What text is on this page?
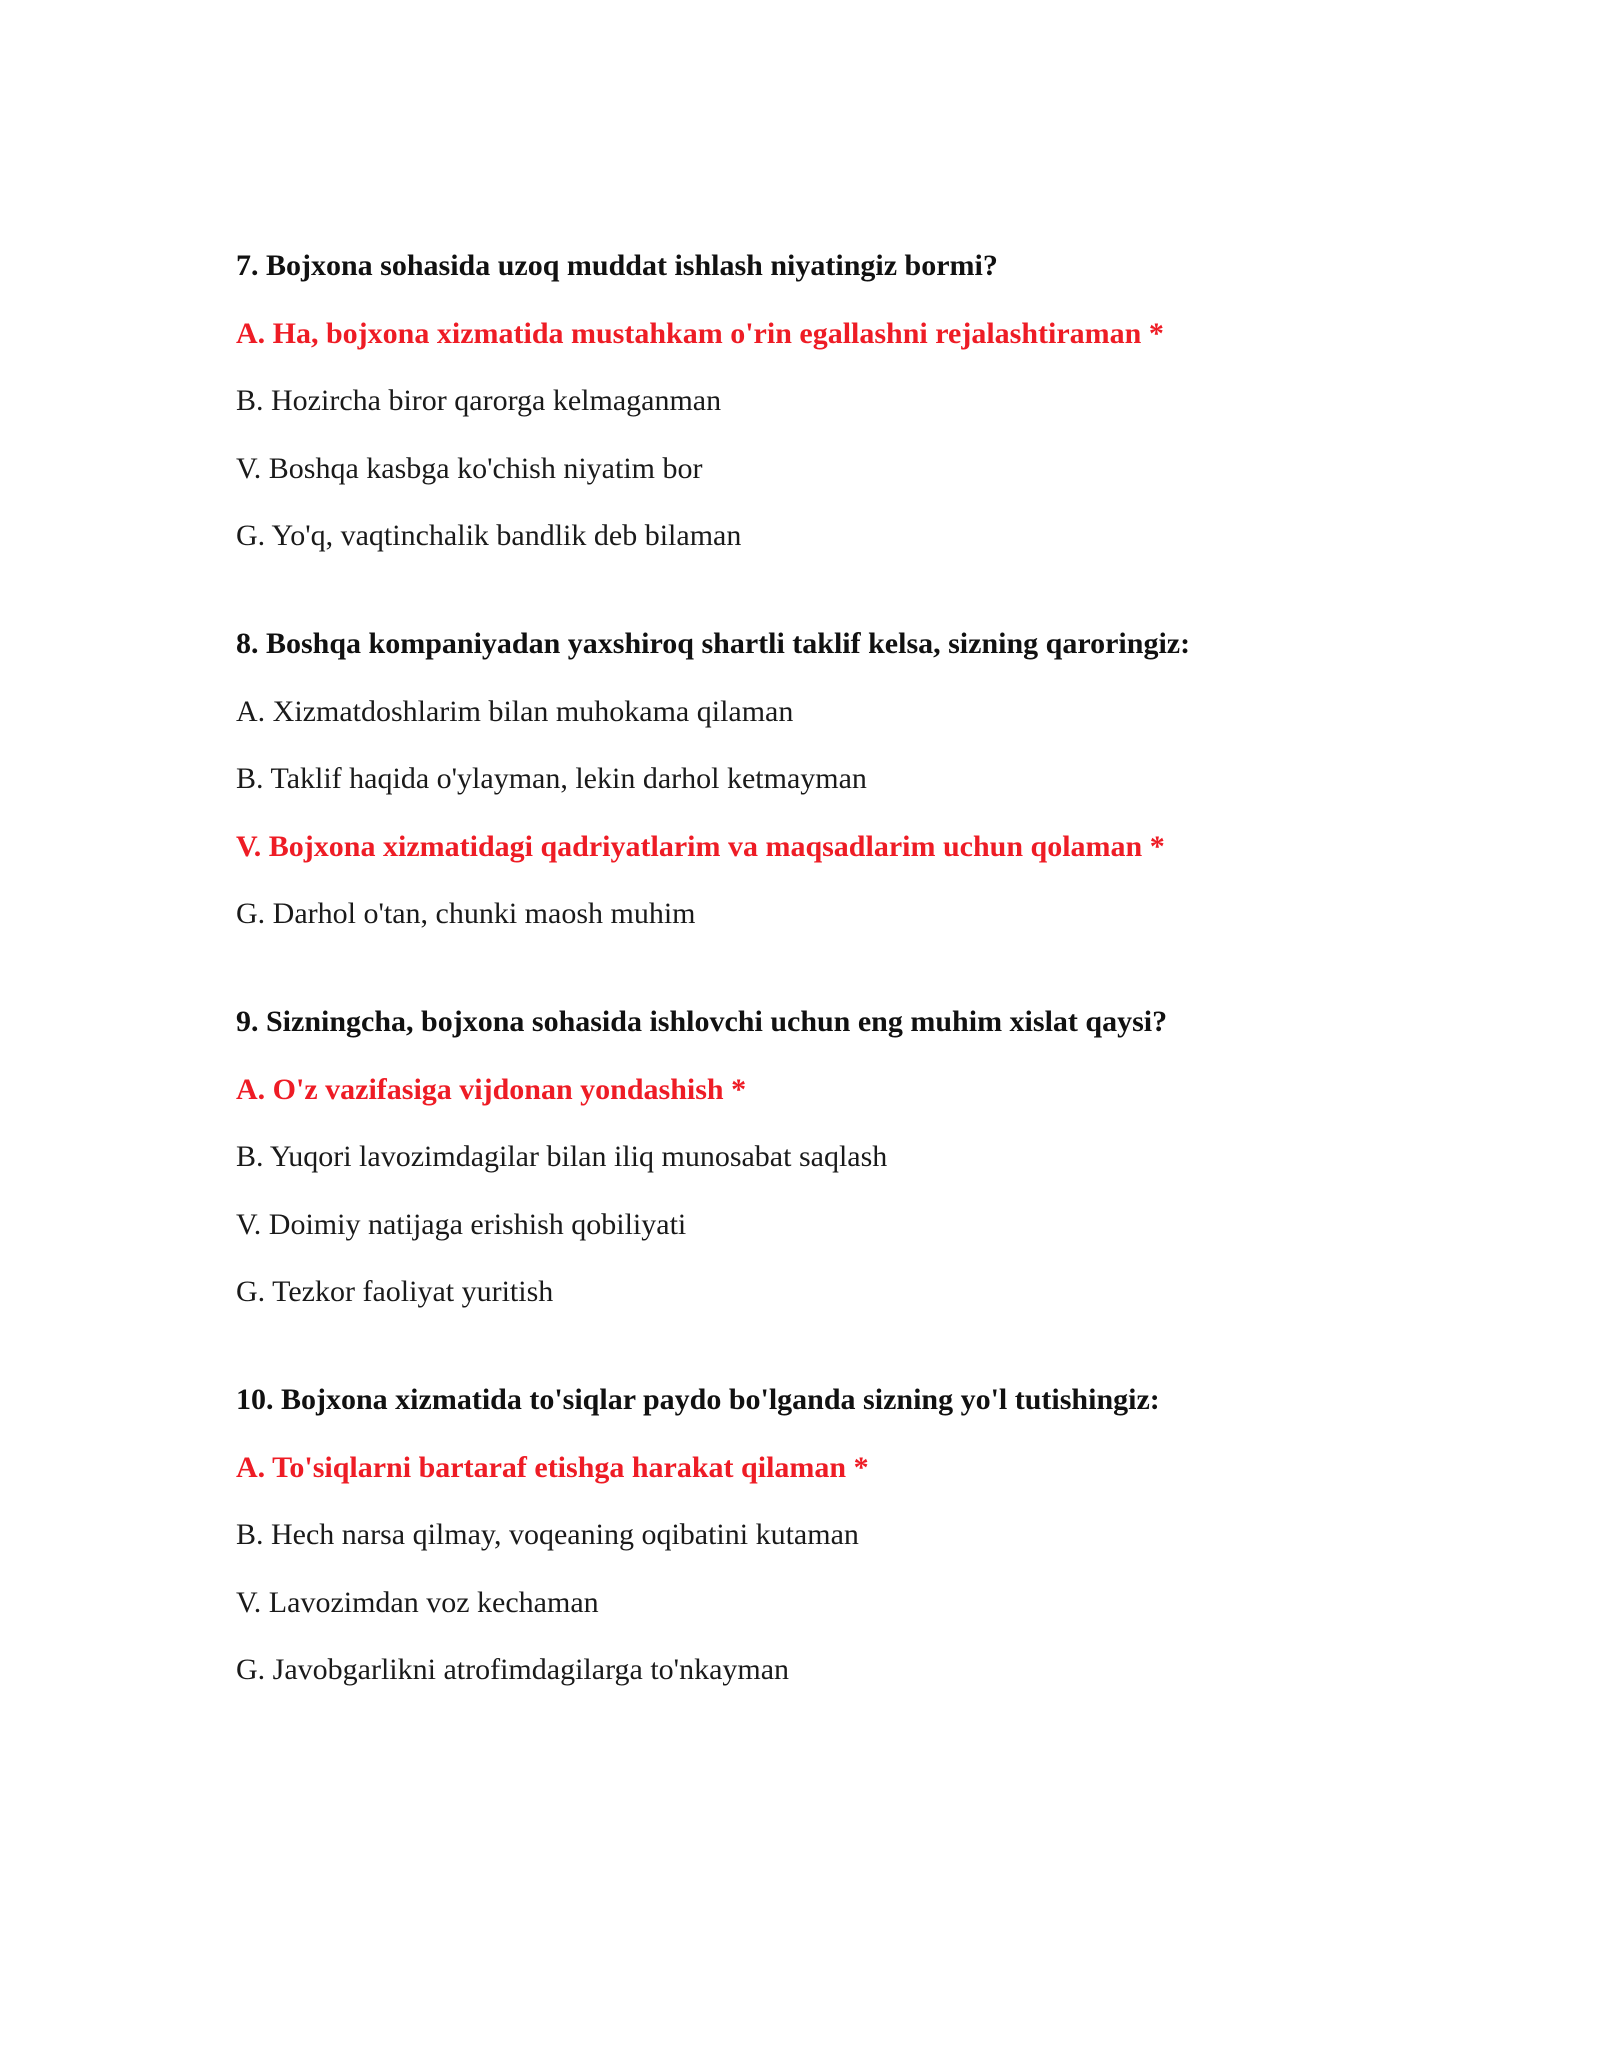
7. Bojxona sohasida uzoq muddat ishlash niyatingiz bormi?
A. Ha, bojxona xizmatida mustahkam o'rin egallashni rejalashtiraman *
B. Hozircha biror qarorga kelmaganman
V. Boshqa kasbga ko'chish niyatim bor
G. Yo'q, vaqtinchalik bandlik deb bilaman
8. Boshqa kompaniyadan yaxshiroq shartli taklif kelsa, sizning qaroringiz:
A. Xizmatdoshlarim bilan muhokama qilaman
B. Taklif haqida o'ylayman, lekin darhol ketmayman
V. Bojxona xizmatidagi qadriyatlarim va maqsadlarim uchun qolaman *
G. Darhol o'tan, chunki maosh muhim
9. Sizningcha, bojxona sohasida ishlovchi uchun eng muhim xislat qaysi?
A. O'z vazifasiga vijdonan yondashish *
B. Yuqori lavozimdagilar bilan iliq munosabat saqlash
V. Doimiy natijaga erishish qobiliyati
G. Tezkor faoliyat yuritish
10. Bojxona xizmatida to'siqlar paydo bo'lganda sizning yo'l tutishingiz:
A. To'siqlarni bartaraf etishga harakat qilaman *
B. Hech narsa qilmay, voqeaning oqibatini kutaman
V. Lavozimdan voz kechaman
G. Javobgarlikni atrofimdagilarga to'nkayman
